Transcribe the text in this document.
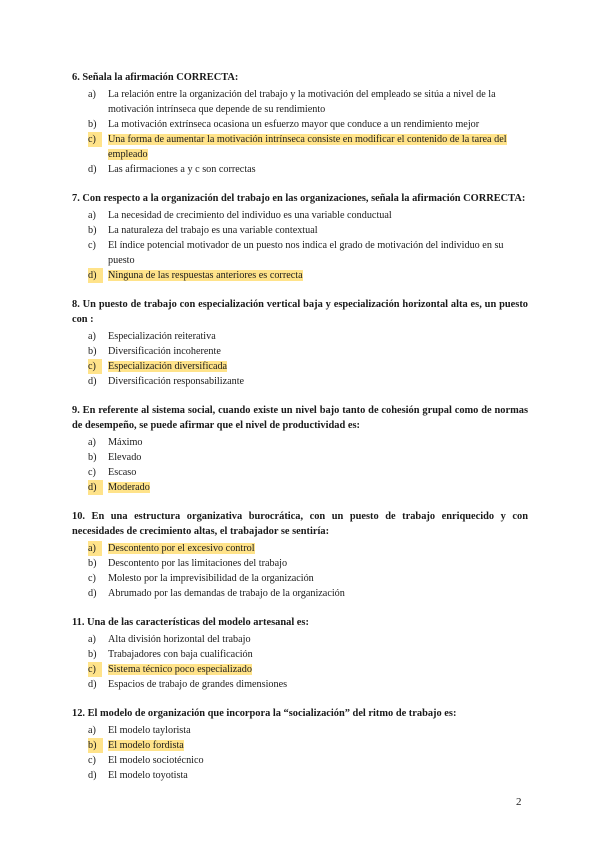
6. Señala la afirmación CORRECTA:
a) La relación entre la organización del trabajo y la motivación del empleado se sitúa a nivel de la motivación intrínseca que depende de su rendimiento
b) La motivación extrínseca ocasiona un esfuerzo mayor que conduce a un rendimiento mejor
c)	Una forma de aumentar la motivación intrínseca consiste en modificar el contenido de la tarea del empleado
d) Las afirmaciones a y c son correctas
7. Con respecto a la organización del trabajo en las organizaciones, señala la afirmación CORRECTA:
a) La necesidad de crecimiento del individuo es una variable conductual
b) La naturaleza del trabajo es una variable contextual
c) El índice potencial motivador de un puesto nos indica el grado de motivación del individuo en su puesto
d)	Ninguna de las respuestas anteriores es correcta
8. Un puesto de trabajo con especialización vertical baja y especialización horizontal alta es, un puesto con :
a) Especialización reiterativa
b) Diversificación incoherente
c)	Especialización diversificada
d) Diversificación responsabilizante
9. En referente al sistema social, cuando existe un nivel bajo tanto de cohesión grupal como de normas de desempeño, se puede afirmar que el nivel de productividad es:
a) Máximo
b) Elevado
c) Escaso
d)	Moderado
10. En una estructura organizativa burocrática, con un puesto de trabajo enriquecido y con necesidades de crecimiento altas, el trabajador se sentiría:
a)	Descontento por el excesivo control
b) Descontento por las limitaciones del trabajo
c) Molesto por la imprevisibilidad de la organización
d) Abrumado por las demandas de trabajo de la organización
11. Una de las características del modelo artesanal es:
a) Alta división horizontal del trabajo
b) Trabajadores con baja cualificación
c)	Sistema técnico poco especializado
d) Espacios de trabajo de grandes dimensiones
12. El modelo de organización que incorpora la “socialización” del ritmo de trabajo es:
a) El modelo taylorista
b)	El modelo fordista
c) El modelo sociotécnico
d) El modelo toyotista
2
